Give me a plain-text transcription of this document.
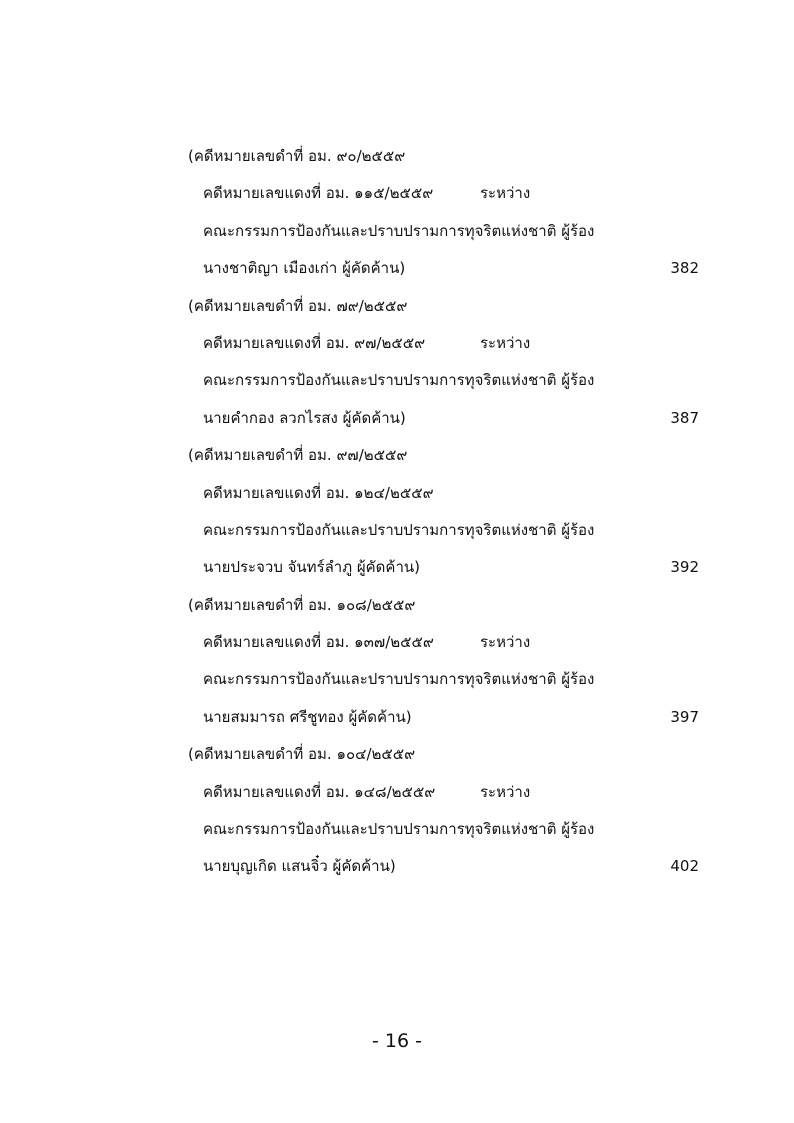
(คดีหมายเลขดำที่ อม. ๙๐/๒๕๕๙
คดีหมายเลขแดงที่ อม. ๑๑๕/๒๕๕๙	ระหว่าง
คณะกรรมการป้องกันและปราบปรามการทุจริตแห่งชาติ ผู้ร้อง
นางชาติญา เมืองเก่า ผู้คัดค้าน)	382
(คดีหมายเลขดำที่ อม. ๗๙/๒๕๕๙
คดีหมายเลขแดงที่ อม. ๙๗/๒๕๕๙	ระหว่าง
คณะกรรมการป้องกันและปราบปรามการทุจริตแห่งชาติ ผู้ร้อง
นายคำกอง ลวกไรสง ผู้คัดค้าน)	387
(คดีหมายเลขดำที่ อม. ๙๗/๒๕๕๙
คดีหมายเลขแดงที่ อม. ๑๒๔/๒๕๕๙
คณะกรรมการป้องกันและปราบปรามการทุจริตแห่งชาติ ผู้ร้อง
นายประจวบ จันทร์ลำภู ผู้คัดค้าน)	392
(คดีหมายเลขดำที่ อม. ๑๐๘/๒๕๕๙
คดีหมายเลขแดงที่ อม. ๑๓๗/๒๕๕๙	ระหว่าง
คณะกรรมการป้องกันและปราบปรามการทุจริตแห่งชาติ ผู้ร้อง
นายสมมารถ ศรีชูทอง ผู้คัดค้าน)	397
(คดีหมายเลขดำที่ อม. ๑๐๔/๒๕๕๙
คดีหมายเลขแดงที่ อม. ๑๔๘/๒๕๕๙	ระหว่าง
คณะกรรมการป้องกันและปราบปรามการทุจริตแห่งชาติ ผู้ร้อง
นายบุญเกิด แสนจิ๋ว ผู้คัดค้าน)	402
- 16 -
